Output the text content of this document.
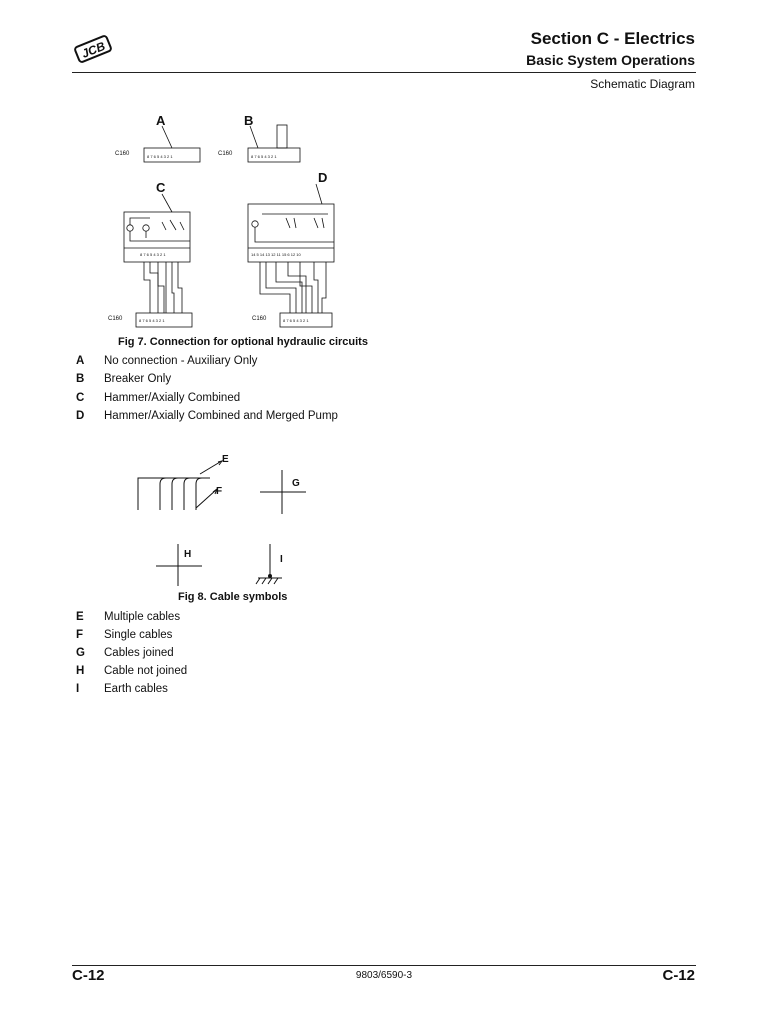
JCB
Section C - Electrics
Basic System Operations
Schematic Diagram
A	B
C
D
C160	C160
C160	C160
8 7 6 5 4 3 2 1	8 7 6 5 4 3 2 1
8 7 6 5 4 3 2 1	14 5 14 13 12 11 15 6 12 10
8 7 6 5 4 3 2 1	8 7 6 5 4 3 2 1
Fig 7. Connection for optional hydraulic circuits
A No connection - Auxiliary Only
B Breaker Only
C Hammer/Axially Combined
D Hammer/Axially Combined and Merged Pump
E
F
G
H	I
Fig 8. Cable symbols
E Multiple cables
F Single cables
G Cables joined
H Cable not joined
I Earth cables
C-12	9803/6590-3	C-12
